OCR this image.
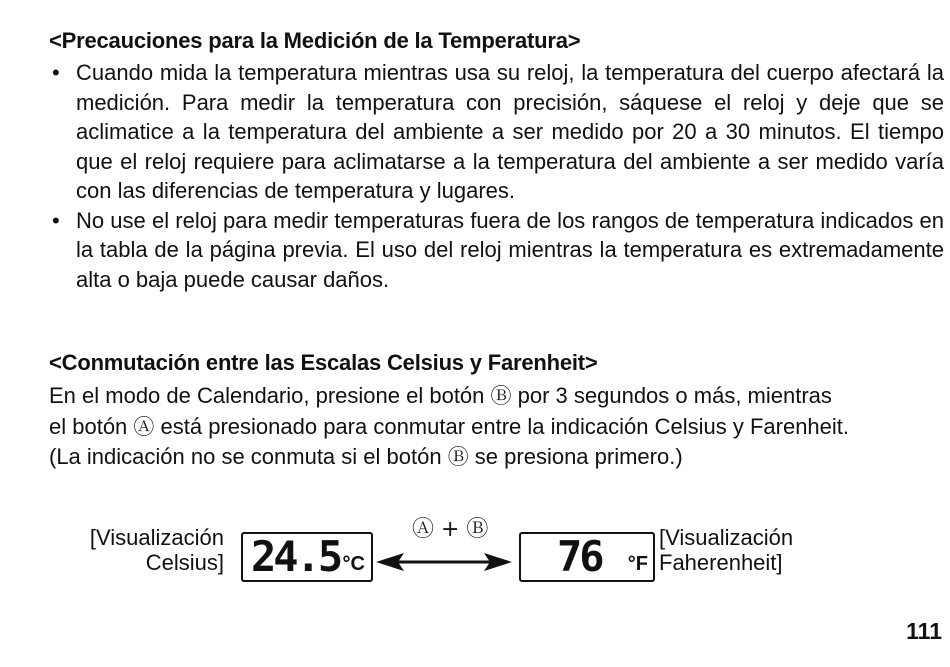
<Precauciones para la Medición de la Temperatura>
• Cuando mida la temperatura mientras usa su reloj, la temperatura del cuerpo afectará la medición. Para medir la temperatura con precisión, sáquese el reloj y deje que se aclimatice a la temperatura del ambiente a ser medido por 20 a 30 minutos. El tiempo que el reloj requiere para aclimatarse a la temperatura del ambiente a ser medido varía con las diferencias de temperatura y lugares.
• No use el reloj para medir temperaturas fuera de los rangos de temperatura indicados en la tabla de la página previa. El uso del reloj mientras la temperatura es extremadamente alta o baja puede causar daños.
<Conmutación entre las Escalas Celsius y Farenheit>
En el modo de Calendario, presione el botón Ⓑ por 3 segundos o más, mientras
el botón Ⓐ está presionado para conmutar entre la indicación Celsius y Farenheit.
(La indicación no se conmuta si el botón Ⓑ se presiona primero.)
[Visualización
Celsius] 24.5 °C
Ⓐ + Ⓑ
76 °F
[Visualización
Faherenheit]
111
